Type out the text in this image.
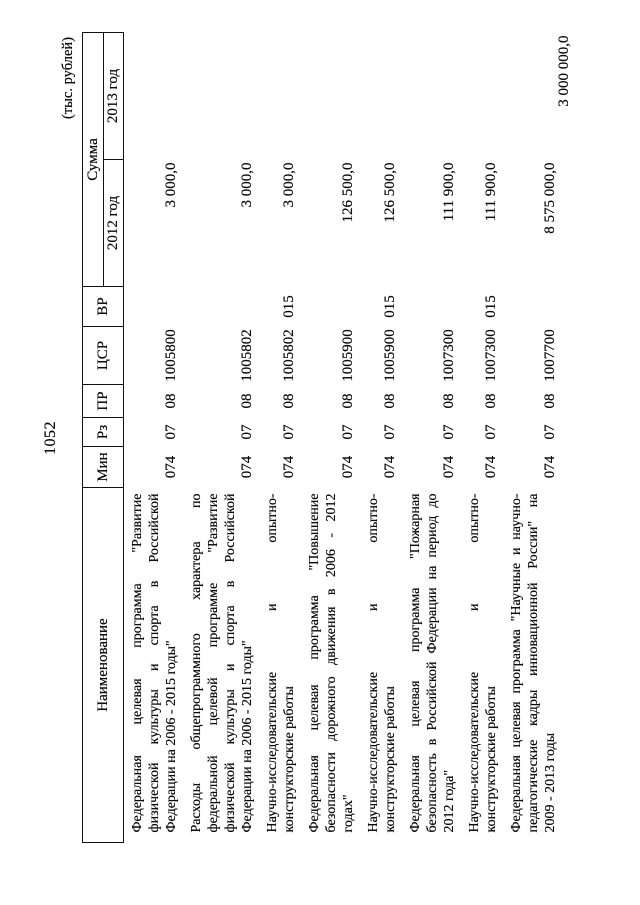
1052
(тыс. рублей)
Наименование	Мин	Рз	ПР	ЦСР	ВР	Сумма	
						2012 год	2013 год

Федеральная целевая программа "Развитие физической культуры и спорта в Российской Федерации на 2006 - 2015 годы"	074	07	08	1005800		3 000,0	

Расходы общепрограммного характера по федеральной целевой программе "Развитие физической культуры и спорта в Российской Федерации на 2006 - 2015 годы"	074	07	08	1005802		3 000,0	

Научно-исследовательские и опытно- конструкторские работы	074	07	08	1005802	015	3 000,0	

Федеральная целевая программа "Повышение безопасности дорожного движения в 2006 - 2012 годах"	074	07	08	1005900		126 500,0	

Научно-исследовательские и опытно- конструкторские работы	074	07	08	1005900	015	126 500,0	

Федеральная целевая программа "Пожарная безопасность в Российской Федерации на период до 2012 года"	074	07	08	1007300		111 900,0	

Научно-исследовательские и опытно- конструкторские работы	074	07	08	1007300	015	111 900,0	

Федеральная целевая программа "Научные и научно- педагогические кадры инновационной России" на 2009 - 2013 годы	074	07	08	1007700		8 575 000,0	3 000 000,0
